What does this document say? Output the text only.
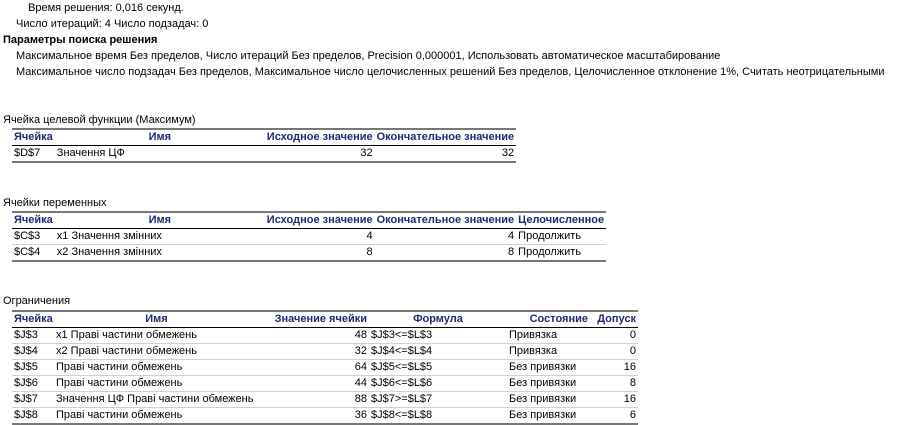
Время решения: 0,016 секунд.
Число итераций: 4 Число подзадач: 0
Параметры поиска решения
Максимальное время Без пределов, Число итераций Без пределов, Precision 0,000001, Использовать автоматическое масштабирование
Максимальное число подзадач Без пределов, Максимальное число целочисленных решений Без пределов, Целочисленное отклонение 1%, Считать неотрицательными
Ячейка целевой функции (Максимум)
Ячейка	Имя	Исходное значение	Окончательное значение
$D$7	Значення ЦФ	32	32
Ячейки переменных
Ячейка	Имя	Исходное значение	Окончательное значение	Целочисленное
$C$3	x1 Значення змінних	4	4	Продолжить
$C$4	x2 Значення змінних	8	8	Продолжить
Ограничения
Ячейка	Имя	Значение ячейки	Формула	Состояние	Допуск
$J$3	x1 Праві частини обмежень	48	$J$3<=$L$3	Привязка	0
$J$4	x2 Праві частини обмежень	32	$J$4<=$L$4	Привязка	0
$J$5	Праві частини обмежень	64	$J$5<=$L$5	Без привязки	16
$J$6	Праві частини обмежень	44	$J$6<=$L$6	Без привязки	8
$J$7	Значення ЦФ Праві частини обмежень	88	$J$7>=$L$7	Без привязки	16
$J$8	Праві частини обмежень	36	$J$8<=$L$8	Без привязки	6
